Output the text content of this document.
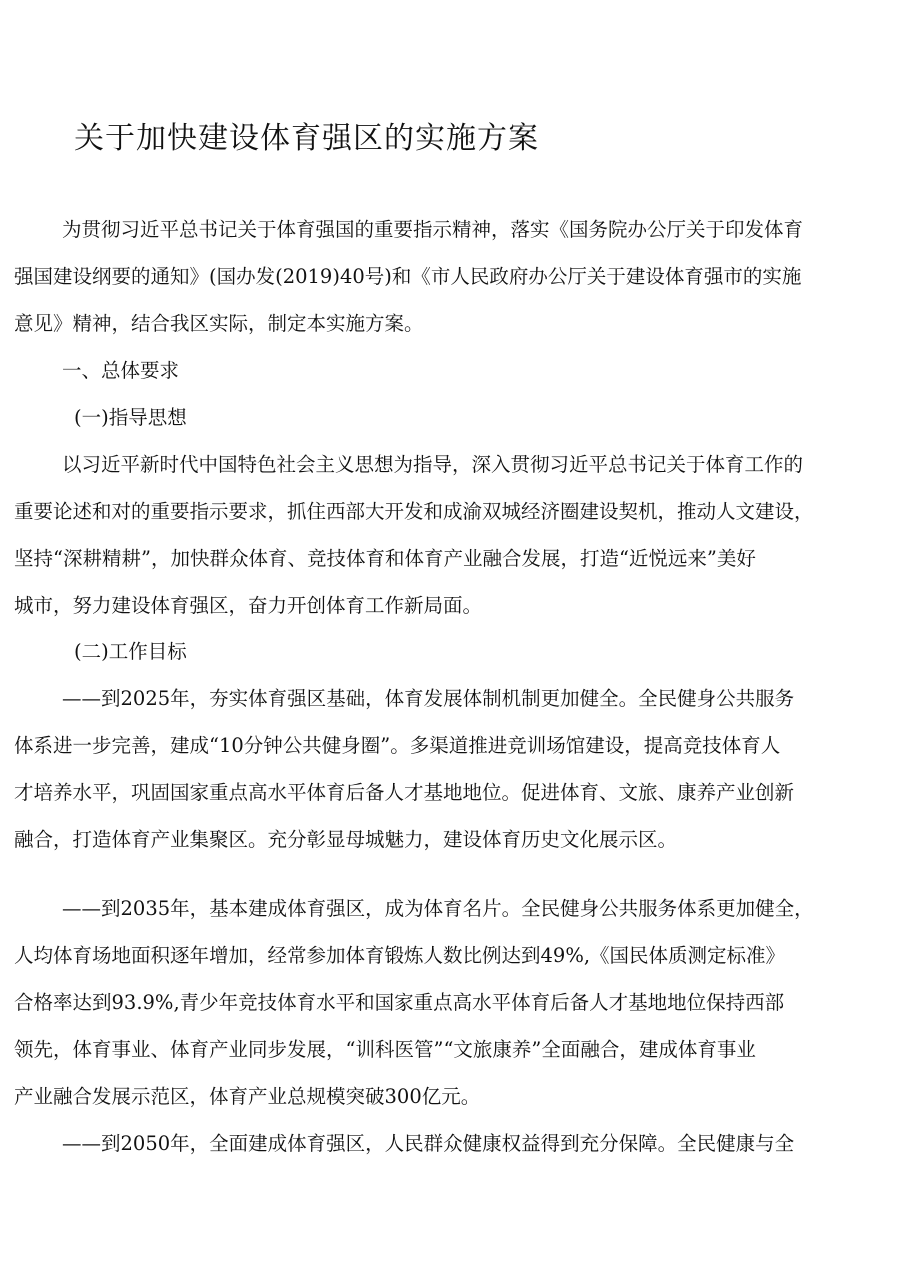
关于加快建设体育强区的实施方案
为贯彻习近平总书记关于体育强国的重要指示精神，落实《国务院办公厅关于印发体育
强国建设纲要的通知》(国办发(2019)40号)和《市人民政府办公厅关于建设体育强市的实施
意见》精神，结合我区实际，制定本实施方案。
一、总体要求
(一)指导思想
以习近平新时代中国特色社会主义思想为指导，深入贯彻习近平总书记关于体育工作的
重要论述和对的重要指示要求，抓住西部大开发和成渝双城经济圈建设契机，推动人文建设，
坚持“深耕精耕”，加快群众体育、竞技体育和体育产业融合发展，打造“近悦远来”美好
城市，努力建设体育强区，奋力开创体育工作新局面。
(二)工作目标
——到2025年，夯实体育强区基础，体育发展体制机制更加健全。全民健身公共服务
体系进一步完善，建成“10分钟公共健身圈”。多渠道推进竞训场馆建设，提高竞技体育人
才培养水平，巩固国家重点高水平体育后备人才基地地位。促进体育、文旅、康养产业创新
融合，打造体育产业集聚区。充分彰显母城魅力，建设体育历史文化展示区。
——到2035年，基本建成体育强区，成为体育名片。全民健身公共服务体系更加健全，
人均体育场地面积逐年增加，经常参加体育锻炼人数比例达到49%,《国民体质测定标准》
合格率达到93.9%,青少年竞技体育水平和国家重点高水平体育后备人才基地地位保持西部
领先，体育事业、体育产业同步发展，“训科医管”“文旅康养”全面融合，建成体育事业
产业融合发展示范区，体育产业总规模突破300亿元。
——到2050年，全面建成体育强区，人民群众健康权益得到充分保障。全民健康与全
